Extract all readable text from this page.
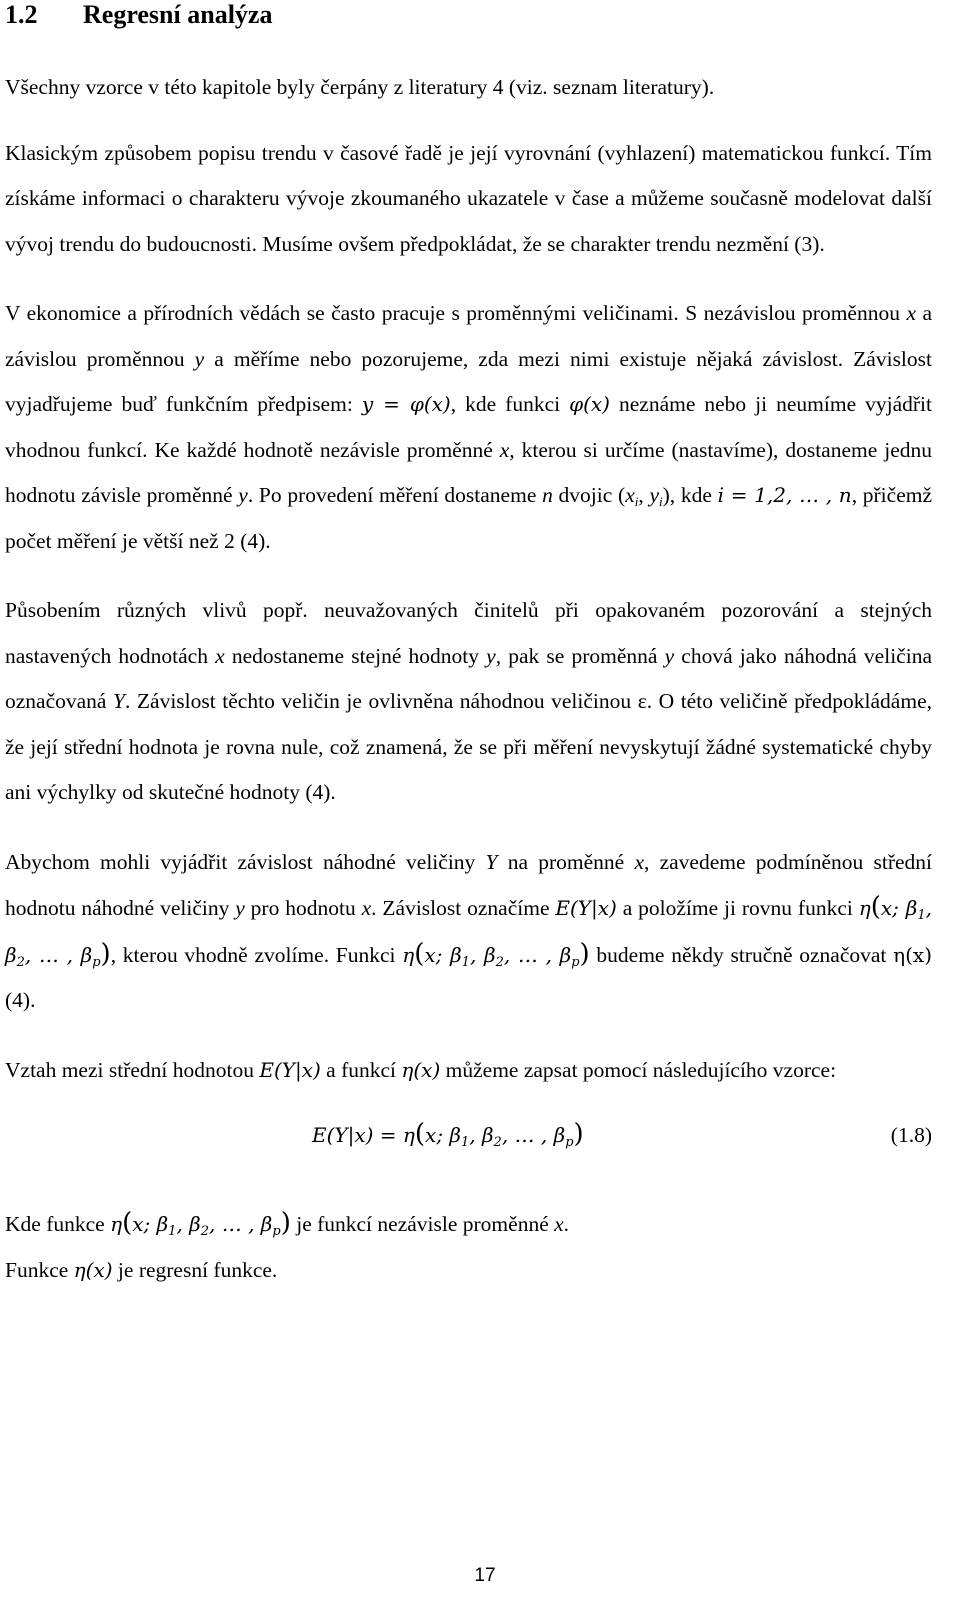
1.2 Regresní analýza

Všechny vzorce v této kapitole byly čerpány z literatury 4 (viz. seznam literatury).

Klasickým způsobem popisu trendu v časové řadě je její vyrovnání (vyhlazení) matematickou funkcí. Tím získáme informaci o charakteru vývoje zkoumaného ukazatele v čase a můžeme současně modelovat další vývoj trendu do budoucnosti. Musíme ovšem předpokládat, že se charakter trendu nezmění (3).

V ekonomice a přírodních vědách se často pracuje s proměnnými veličinami. S nezávislou proměnnou x a závislou proměnnou y a měříme nebo pozorujeme, zda mezi nimi existuje nějaká závislost. Závislost vyjadřujeme buď funkčním předpisem: y = φ(x), kde funkci φ(x) neznáme nebo ji neumíme vyjádřit vhodnou funkcí. Ke každé hodnotě nezávisle proměnné x, kterou si určíme (nastavíme), dostaneme jednu hodnotu závisle proměnné y. Po provedení měření dostaneme n dvojic ($x_i$, $y_i$), kde i = 1,2, … , n, přičemž počet měření je větší než 2 (4).

Působením různých vlivů popř. neuvažovaných činitelů při opakovaném pozorování a stejných nastavených hodnotách x nedostaneme stejné hodnoty y, pak se proměnná y chová jako náhodná veličina označovaná Y. Závislost těchto veličin je ovlivněna náhodnou veličinou ε. O této veličině předpokládáme, že její střední hodnota je rovna nule, což znamená, že se při měření nevyskytují žádné systematické chyby ani výchylky od skutečné hodnoty (4).

Abychom mohli vyjádřit závislost náhodné veličiny Y na proměnné x, zavedeme podmíněnou střední hodnotu náhodné veličiny y pro hodnotu x. Závislost označíme E(Y|x) a položíme ji rovnu funkci η(x; $\beta_1$, $\beta_2$, … , $\beta_p$), kterou vhodně zvolíme. Funkci η(x; $\beta_1$, $\beta_2$, … , $\beta_p$) budeme někdy stručně označovat η(x) (4).

Vztah mezi střední hodnotou E(Y|x) a funkcí η(x) můžeme zapsat pomocí následujícího vzorce:

E(Y|x) = η(x; $\beta_1$, $\beta_2$, … , $\beta_p$)	(1.8)

Kde funkce η(x; $\beta_1$, $\beta_2$, … , $\beta_p$) je funkcí nezávisle proměnné x.

Funkce η(x) je regresní funkce.

17
